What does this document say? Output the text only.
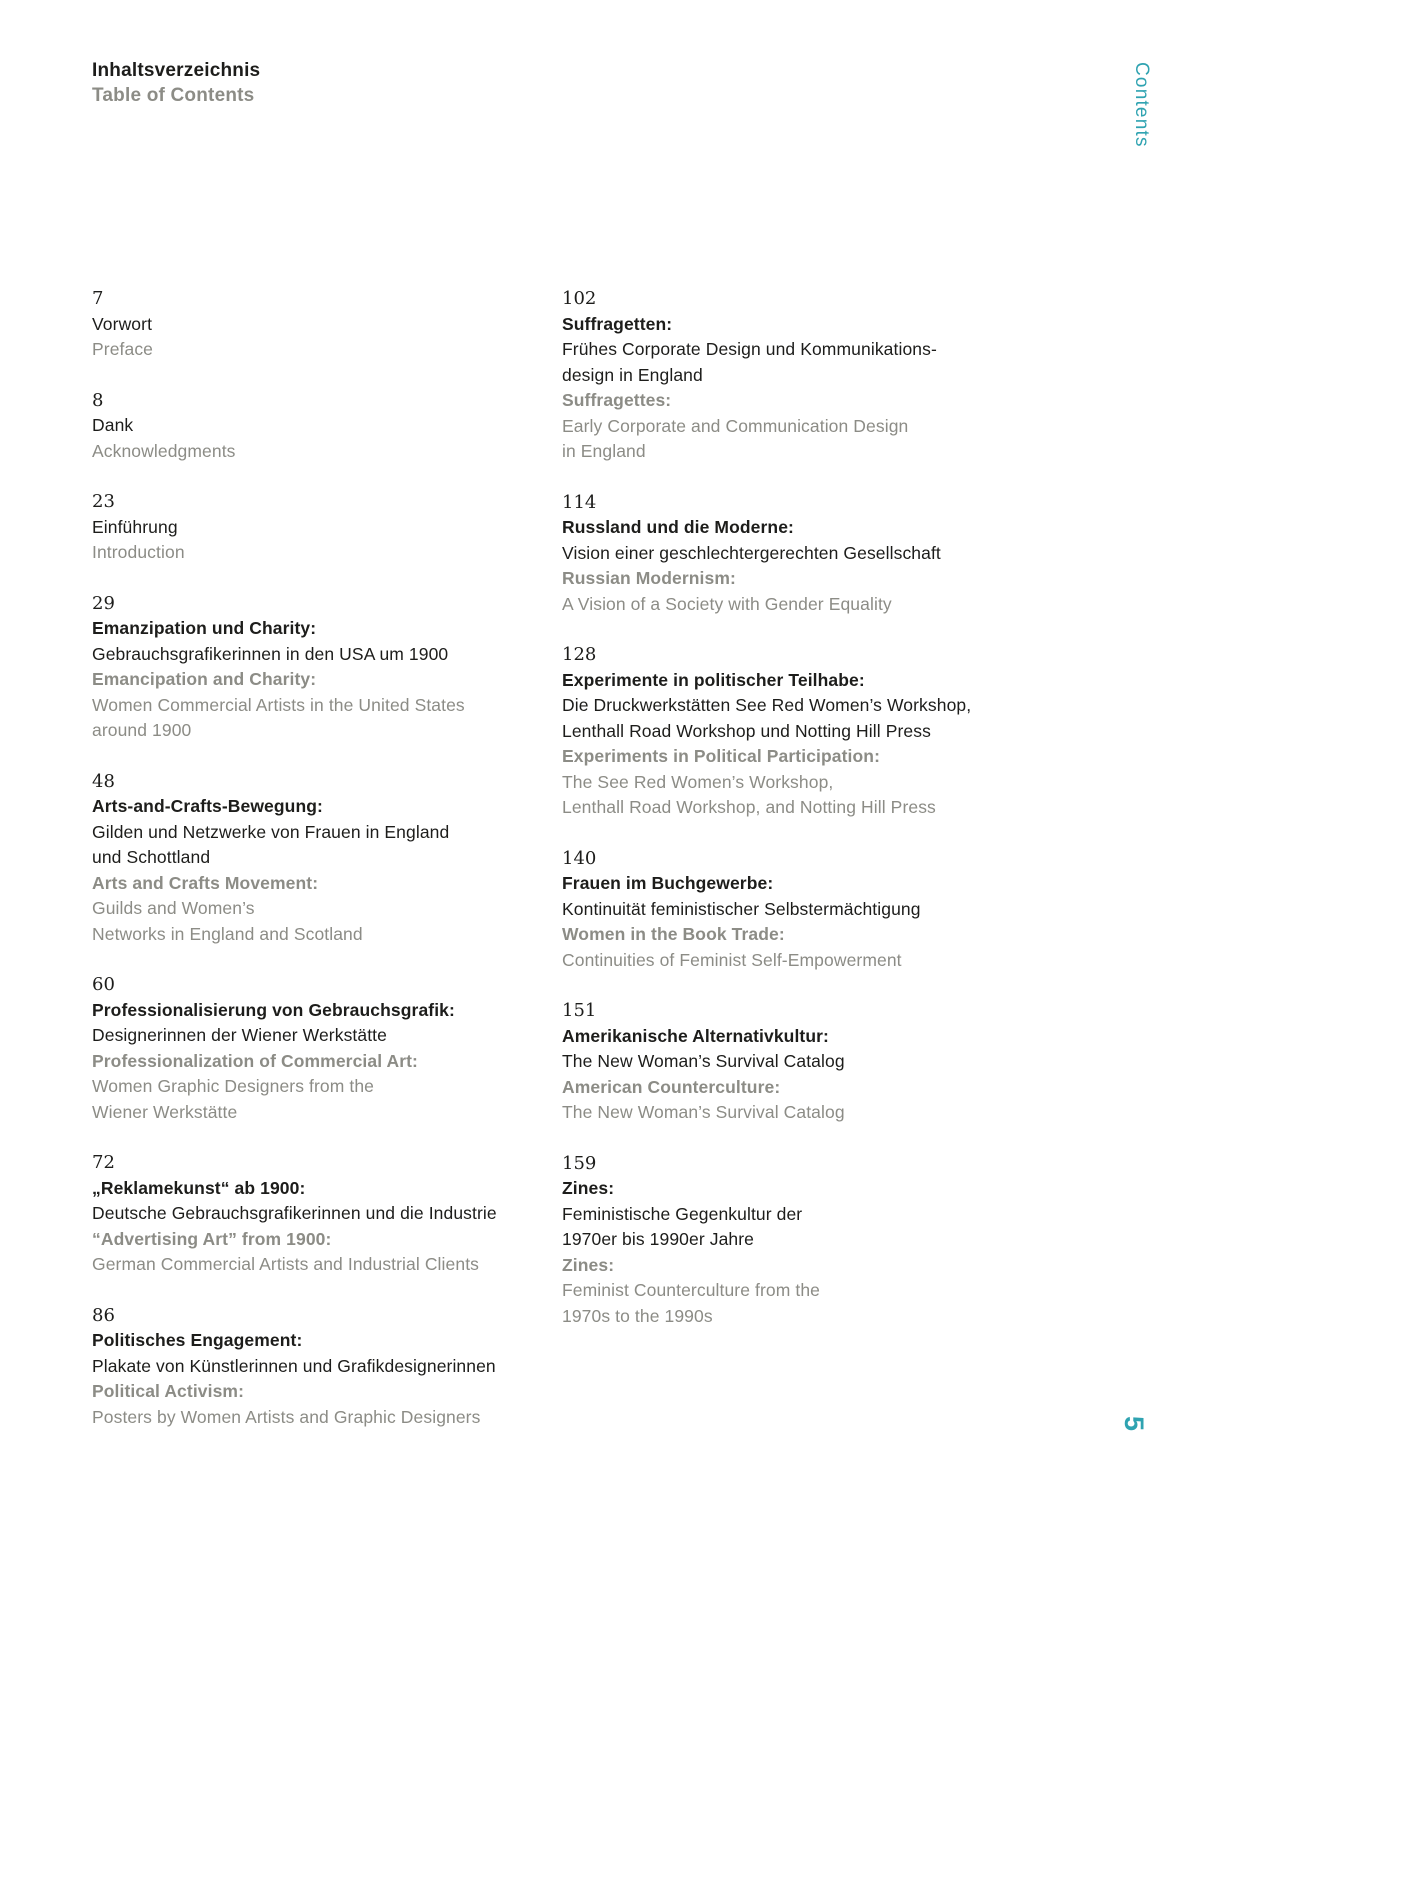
Inhaltsverzeichnis
Table of Contents	Contents
7
Vorwort
Preface
8
Dank
Acknowledgments
23
Einführung
Introduction
29
Emanzipation und Charity:
Gebrauchsgrafikerinnen in den USA um 1900
Emancipation and Charity:
Women Commercial Artists in the United States
around 1900
48
Arts-and-Crafts-Bewegung:
Gilden und Netzwerke von Frauen in England
und Schottland
Arts and Crafts Movement:
Guilds and Women’s
Networks in England and Scotland
60
Professionalisierung von Gebrauchsgrafik:
Designerinnen der Wiener Werkstätte
Professionalization of Commercial Art:
Women Graphic Designers from the
Wiener Werkstätte
72
„Reklamekunst“ ab 1900:
Deutsche Gebrauchsgrafikerinnen und die Industrie
“Advertising Art” from 1900:
German Commercial Artists and Industrial Clients
86
Politisches Engagement:
Plakate von Künstlerinnen und Grafikdesignerinnen
Political Activism:
Posters by Women Artists and Graphic Designers
102
Suffragetten:
Frühes Corporate Design und Kommunikations-
design in England
Suffragettes:
Early Corporate and Communication Design
in England
114
Russland und die Moderne:
Vision einer geschlechtergerechten Gesellschaft
Russian Modernism:
A Vision of a Society with Gender Equality
128
Experimente in politischer Teilhabe:
Die Druckwerkstätten See Red Women’s Workshop,
Lenthall Road Workshop und Notting Hill Press
Experiments in Political Participation:
The See Red Women’s Workshop,
Lenthall Road Workshop, and Notting Hill Press
140
Frauen im Buchgewerbe:
Kontinuität feministischer Selbstermächtigung
Women in the Book Trade:
Continuities of Feminist Self-Empowerment
151
Amerikanische Alternativkultur:
The New Woman’s Survival Catalog
American Counterculture:
The New Woman’s Survival Catalog
159
Zines:
Feministische Gegenkultur der
1970er bis 1990er Jahre
Zines:
Feminist Counterculture from the
1970s to the 1990s
5
